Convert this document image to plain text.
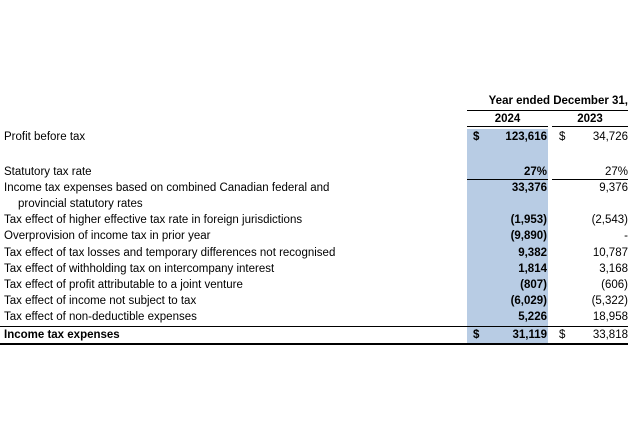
Year ended December 31,
2024	2023
Profit before tax	$ 123,616 $ 34,726
Statutory tax rate	27%	27%
Income tax expenses based on combined Canadian federal and
provincial statutory rates
33,376	9,376
Tax effect of higher effective tax rate in foreign jurisdictions	(1,953)	(2,543)
Overprovision of income tax in prior year	(9,890)	-
Tax effect of tax losses and temporary differences not recognised	9,382	10,787
Tax effect of withholding tax on intercompany interest	1,814	3,168
Tax effect of profit attributable to a joint venture	(807)	(606)
Tax effect of income not subject to tax	(6,029)	(5,322)
Tax effect of non-deductible expenses	5,226	18,958
Income tax expenses	$	31,119 $ 33,818
